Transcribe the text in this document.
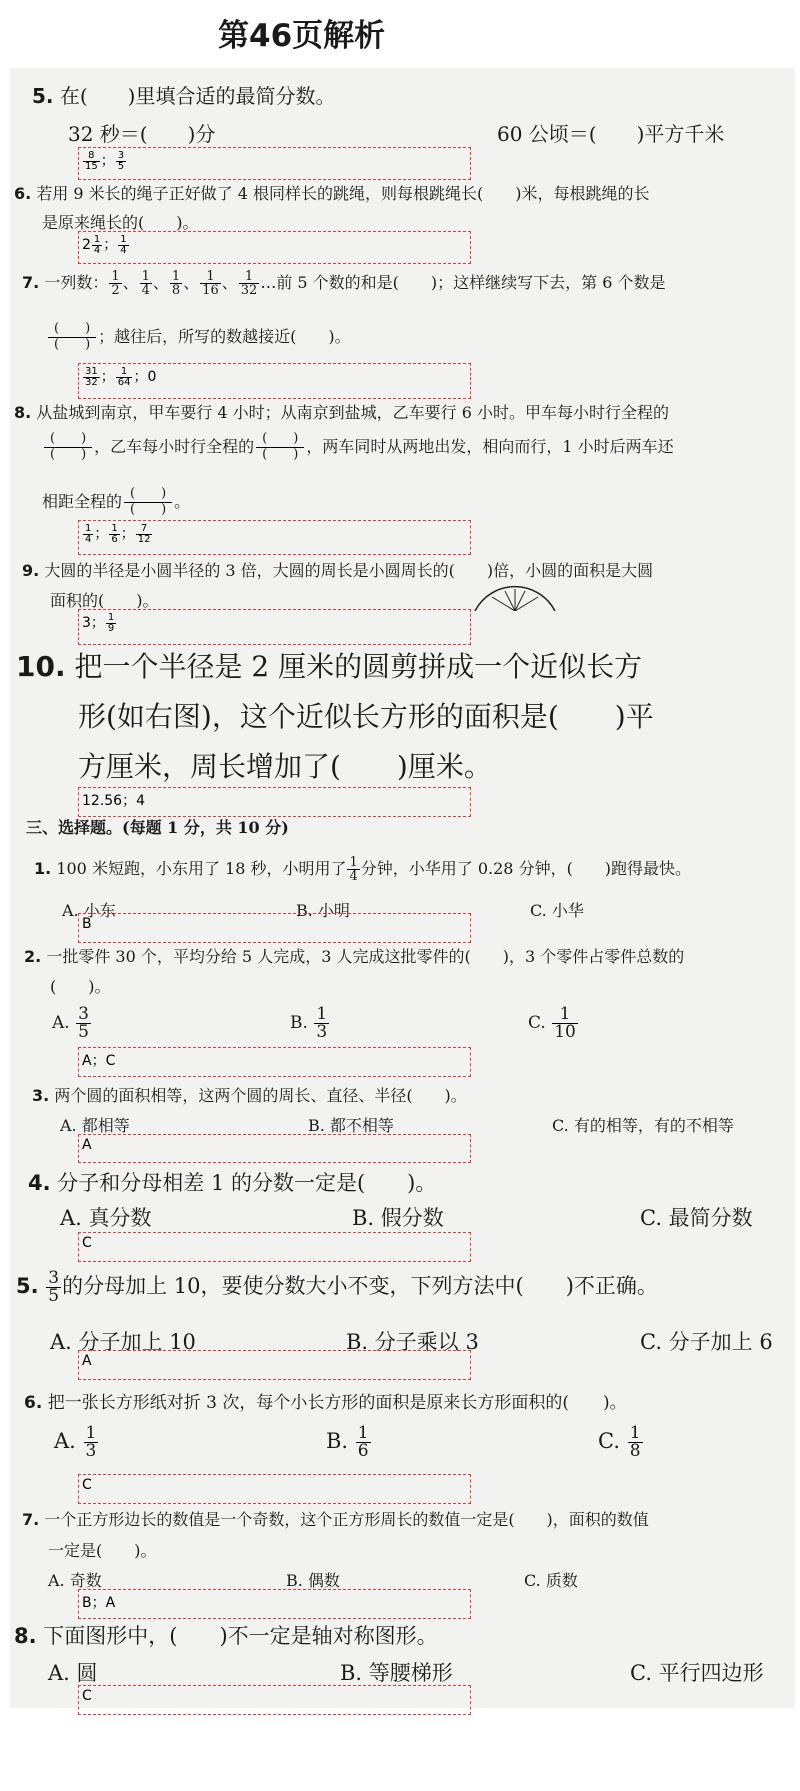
第46页解析
5. 在(　　)里填合适的最简分数。
32 秒＝(　　)分	60 公顷＝(　　)平方千米
$\frac{8}{15}$ ； $\frac{3}{5}$
6. 若用 9 米长的绳子正好做了 4 根同样长的跳绳，则每根跳绳长(　　)米，每根跳绳的长
是原来绳长的(　　)。
$2 \frac{1}{4}$ ； $\frac{1}{4}$
7. 一列数： $\frac{1}{2}$ 、 $\frac{1}{4}$ 、 $\frac{1}{8}$ 、 $\frac{1}{16}$ 、 $\frac{1}{32}$ …前 5 个数的和是(　　)；这样继续写下去，第 6 个数是
(　　)
(　　) ；越往后，所写的数越接近(　　)。
$\frac{31}{32}$ ； $\frac{1}{64}$ ；0
8. 从盐城到南京，甲车要行 4 小时；从南京到盐城，乙车要行 6 小时。甲车每小时行全程的
(　　)
(　　) ，乙车每小时行全程的 (　　)
(　　) ，两车同时从两地出发，相向而行，1 小时后两车还
相距全程的 (　　)
(　　) 。
$\frac{1}{4}$ ； $\frac{1}{6}$ ； $\frac{7}{12}$
9. 大圆的半径是小圆半径的 3 倍，大圆的周长是小圆周长的(　　)倍，小圆的面积是大圆
面积的(　　)。
3； $\frac{1}{9}$
10. 把一个半径是 2 厘米的圆剪拼成一个近似长方
形(如右图)，这个近似长方形的面积是(　　)平
方厘米，周长增加了(　　)厘米。
12.56；4
三、选择题。(每题 1 分，共 10 分)
1. 100 米短跑，小东用了 18 秒，小明用了 $\frac{1}{4}$ 分钟，小华用了 0.28 分钟，(　　)跑得最快。
A. 小东	B. 小明	C. 小华
B
2. 一批零件 30 个，平均分给 5 人完成，3 人完成这批零件的(　　)，3 个零件占零件总数的
(　　)。
A. $\frac{3}{5}$	B. $\frac{1}{3}$	C. $\frac{1}{10}$
A；C
3. 两个圆的面积相等，这两个圆的周长、直径、半径(　　)。
A. 都相等	B. 都不相等	C. 有的相等，有的不相等
A
4. 分子和分母相差 1 的分数一定是(　　)。
A. 真分数	B. 假分数	C. 最简分数
C
5. $\frac{3}{5}$ 的分母加上 10，要使分数大小不变，下列方法中(　　)不正确。
A. 分子加上 10	B. 分子乘以 3	C. 分子加上 6
A
6. 把一张长方形纸对折 3 次，每个小长方形的面积是原来长方形面积的(　　)。
A. $\frac{1}{3}$	B. $\frac{1}{6}$	C. $\frac{1}{8}$
C
7. 一个正方形边长的数值是一个奇数，这个正方形周长的数值一定是(　　)，面积的数值
一定是(　　)。
A. 奇数	B. 偶数	C. 质数
B；A
8. 下面图形中，(　　)不一定是轴对称图形。
A. 圆	B. 等腰梯形	C. 平行四边形
C
